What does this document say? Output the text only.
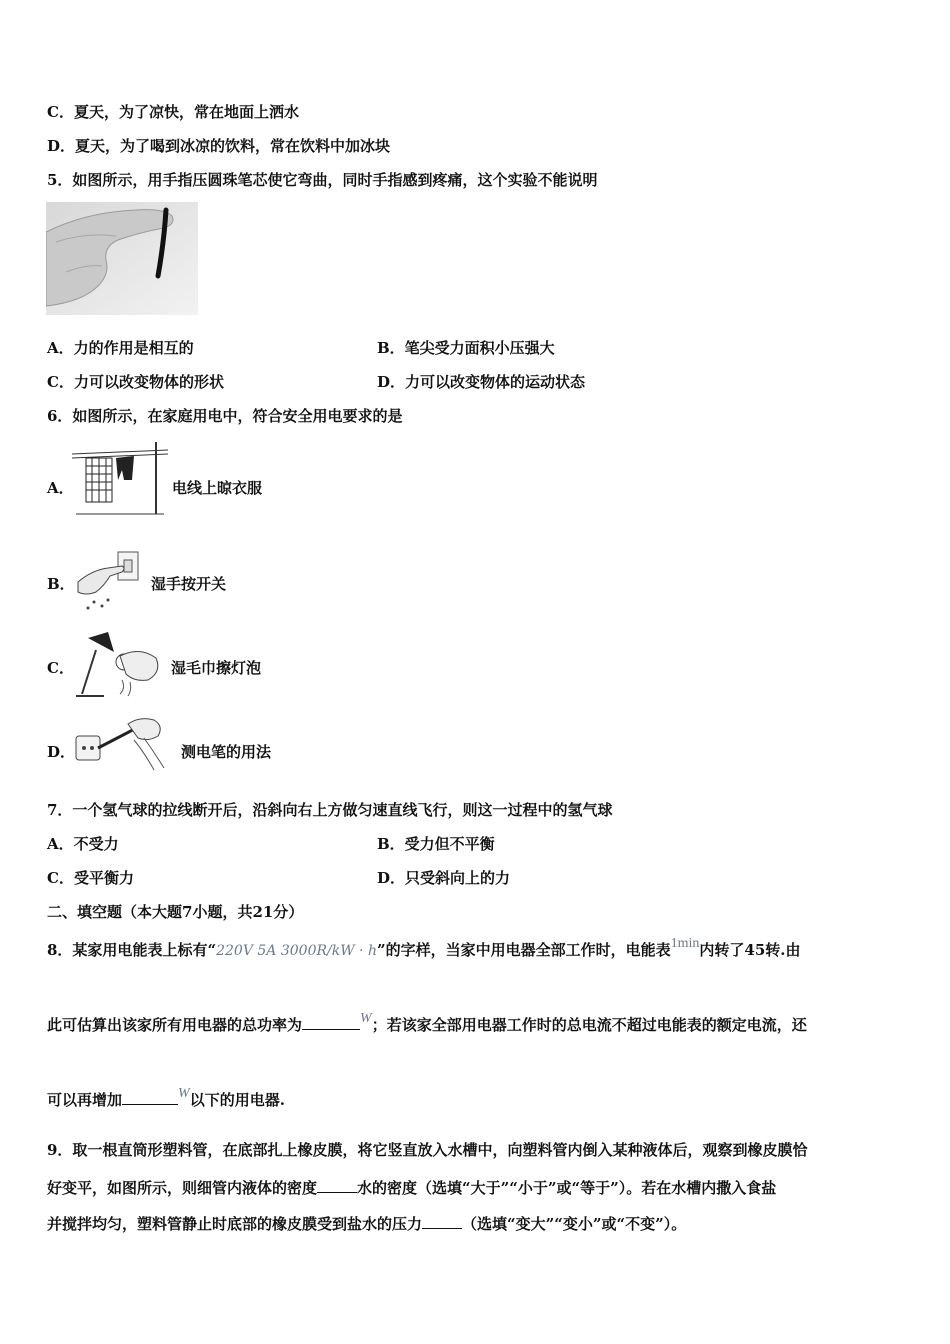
C．夏天，为了凉快，常在地面上洒水
D．夏天，为了喝到冰凉的饮料，常在饮料中加冰块
5．如图所示，用手指压圆珠笔芯使它弯曲，同时手指感到疼痛，这个实验不能说明
A．力的作用是相互的	B．笔尖受力面积小压强大
C．力可以改变物体的形状	D．力可以改变物体的运动状态
6．如图所示，在家庭用电中，符合安全用电要求的是
A．	电线上晾衣服
B．	湿手按开关
C．	湿毛巾擦灯泡
D．	测电笔的用法
7．一个氢气球的拉线断开后，沿斜向右上方做匀速直线飞行，则这一过程中的氢气球
A．不受力	B．受力但不平衡
C．受平衡力	D．只受斜向上的力
二、填空题（本大题7小题，共21分）
8．某家用电能表上标有“220V 5A 3000R/kW · h”的字样，当家中用电器全部工作时，电能表1min内转了45转.由
此可估算出该家所有用电器的总功率为	W；若该家全部用电器工作时的总电流不超过电能表的额定电流，还
可以再增加	W以下的用电器.
9．取一根直筒形塑料管，在底部扎上橡皮膜，将它竖直放入水槽中，向塑料管内倒入某种液体后，观察到橡皮膜恰
好变平，如图所示，则细管内液体的密度	水的密度（选填“大于”“小于”或“等于”）。若在水槽内撒入食盐
并搅拌均匀，塑料管静止时底部的橡皮膜受到盐水的压力	（选填“变大”“变小”或“不变”）。
